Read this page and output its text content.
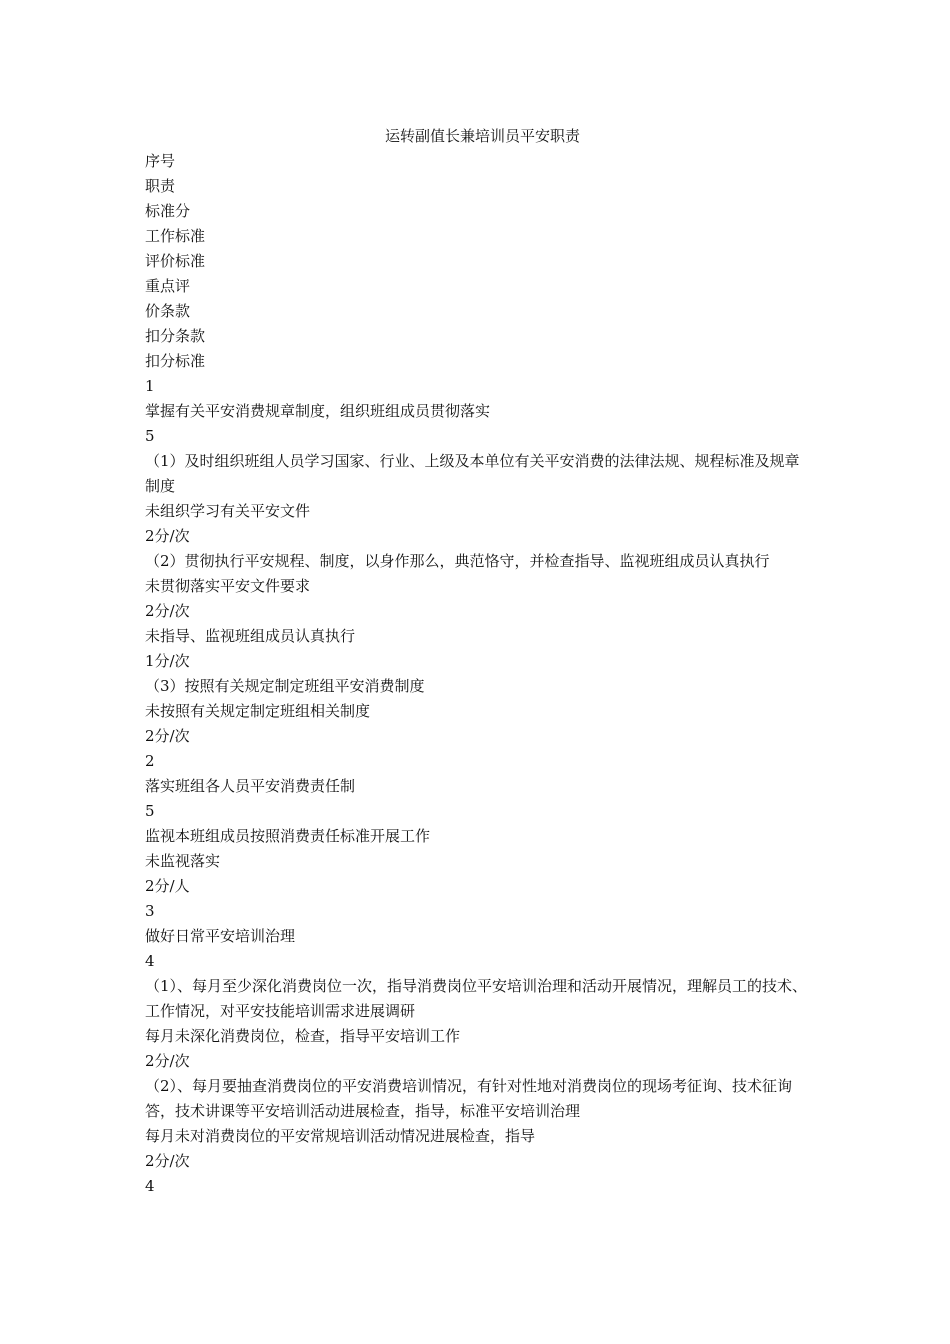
运转副值长兼培训员平安职责

序号

职责

标准分

工作标准

评价标准

重点评

价条款

扣分条款

扣分标准

1

掌握有关平安消费规章制度，组织班组成员贯彻落实

5

（1）及时组织班组人员学习国家、行业、上级及本单位有关平安消费的法律法规、规程标准及规章制度

未组织学习有关平安文件

2分/次

（2）贯彻执行平安规程、制度，以身作那么，典范恪守，并检查指导、监视班组成员认真执行

未贯彻落实平安文件要求

2分/次

未指导、监视班组成员认真执行

1分/次

（3）按照有关规定制定班组平安消费制度

未按照有关规定制定班组相关制度

2分/次

2

落实班组各人员平安消费责任制

5

监视本班组成员按照消费责任标准开展工作

未监视落实

2分/人

3

做好日常平安培训治理

4

（1）、每月至少深化消费岗位一次，指导消费岗位平安培训治理和活动开展情况，理解员工的技术、工作情况，对平安技能培训需求进展调研

每月未深化消费岗位，检查，指导平安培训工作

2分/次

（2）、每月要抽查消费岗位的平安消费培训情况，有针对性地对消费岗位的现场考征询、技术征询答，技术讲课等平安培训活动进展检查，指导，标准平安培训治理

每月未对消费岗位的平安常规培训活动情况进展检查，指导

2分/次

4
